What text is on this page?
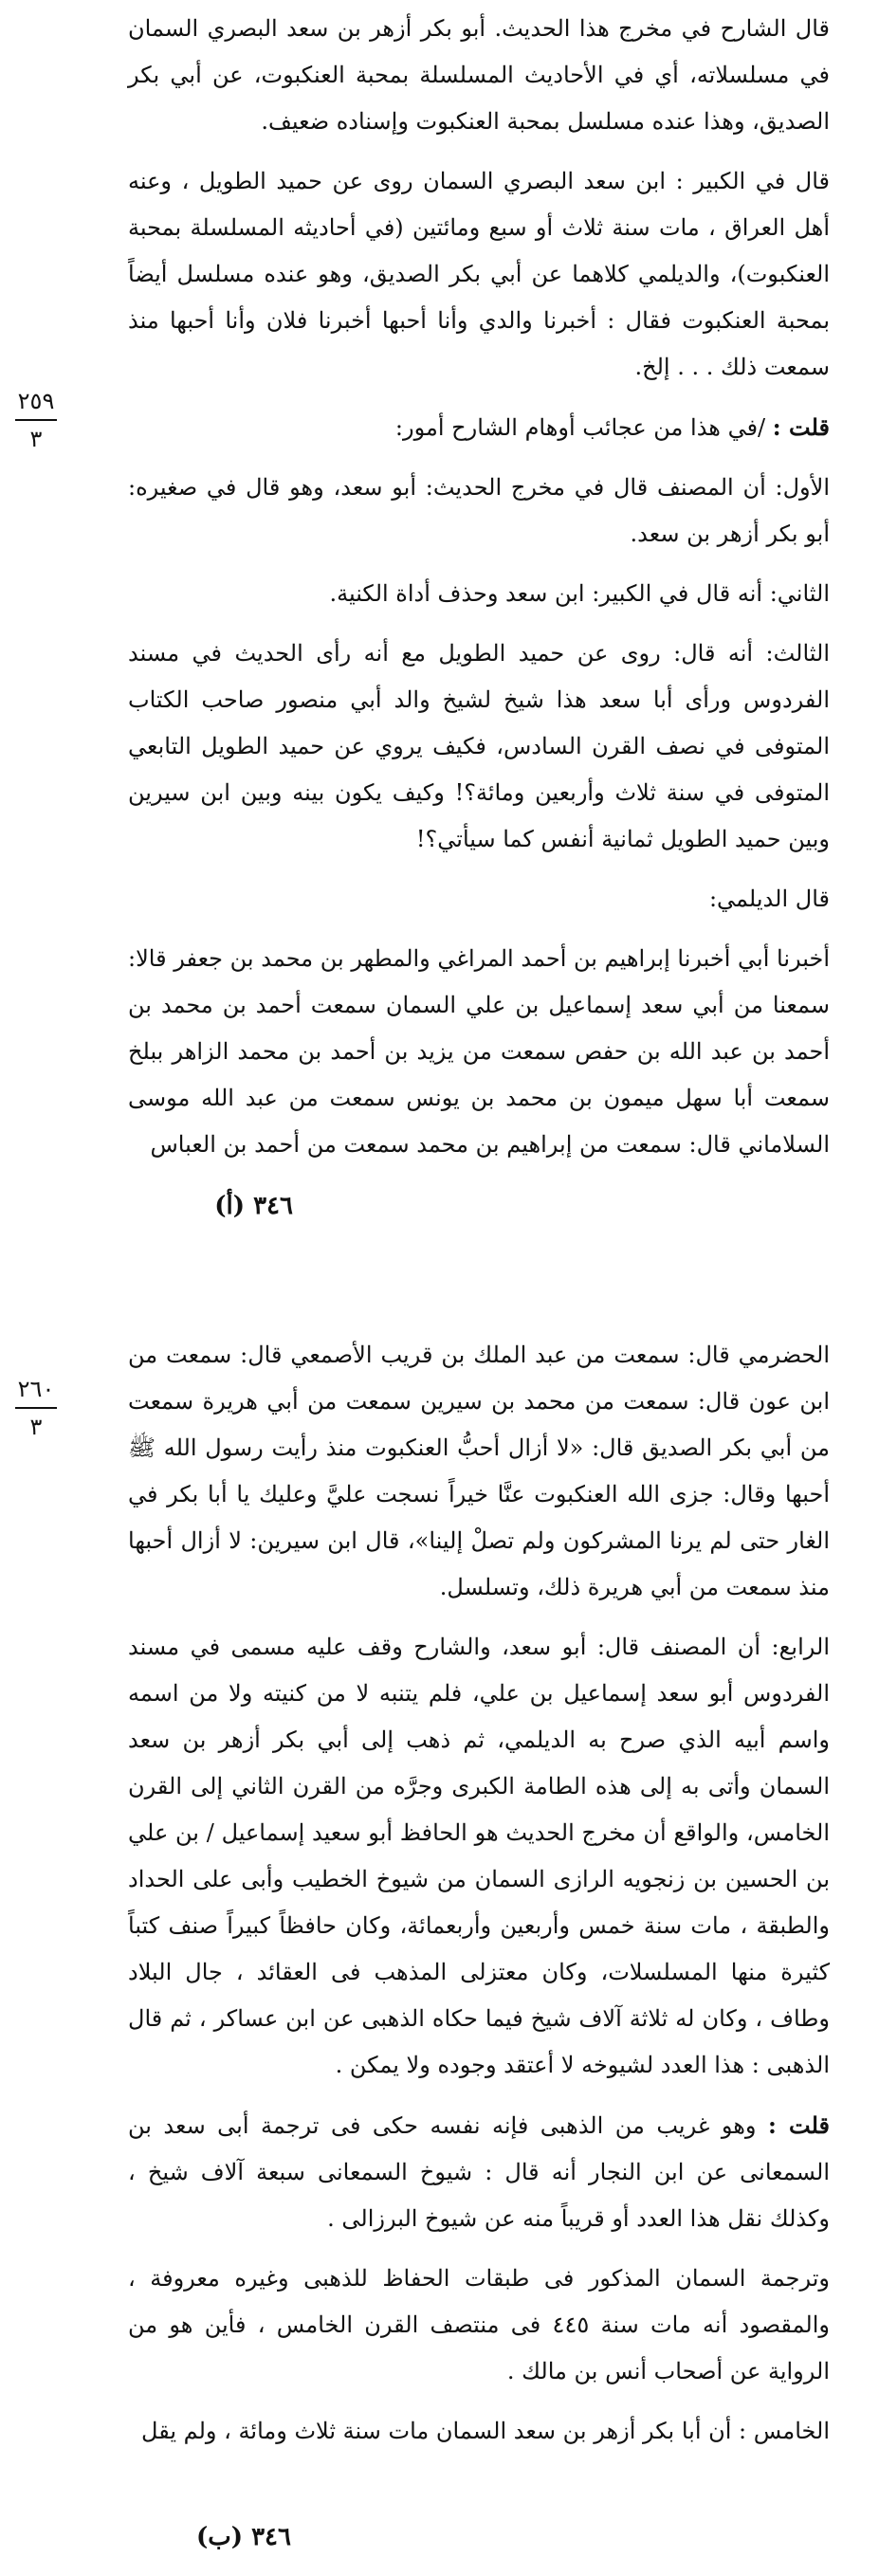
قال الشارح في مخرج هذا الحديث. أبو بكر أزهر بن سعد البصري السمان في مسلسلاته، أي في الأحاديث المسلسلة بمحبة العنكبوت، عن أبي بكر الصديق، وهذا عنده مسلسل بمحبة العنكبوت وإسناده ضعيف.

قال في الكبير : ابن سعد البصري السمان روى عن حميد الطويل ، وعنه أهل العراق ، مات سنة ثلاث أو سبع ومائتين (في أحاديثه المسلسلة بمحبة العنكبوت)، والديلمي كلاهما عن أبي بكر الصديق، وهو عنده مسلسل أيضاً بمحبة العنكبوت فقال : أخبرنا والدي وأنا أحبها أخبرنا فلان وأنا أحبها منذ سمعت ذلك . . . إلخ.

قلت : /في هذا من عجائب أوهام الشارح أمور:

الأول: أن المصنف قال في مخرج الحديث: أبو سعد، وهو قال في صغيره: أبو بكر أزهر بن سعد.

الثاني: أنه قال في الكبير: ابن سعد وحذف أداة الكنية.

الثالث: أنه قال: روى عن حميد الطويل مع أنه رأى الحديث في مسند الفردوس ورأى أبا سعد هذا شيخ لشيخ والد أبي منصور صاحب الكتاب المتوفى في نصف القرن السادس، فكيف يروي عن حميد الطويل التابعي المتوفى في سنة ثلاث وأربعين ومائة؟! وكيف يكون بينه وبين ابن سيرين وبين حميد الطويل ثمانية أنفس كما سيأتي؟!

قال الديلمي:

أخبرنا أبي أخبرنا إبراهيم بن أحمد المراغي والمطهر بن محمد بن جعفر قالا: سمعنا من أبي سعد إسماعيل بن علي السمان سمعت أحمد بن محمد بن أحمد بن عبد الله بن حفص سمعت من يزيد بن أحمد بن محمد الزاهر ببلخ سمعت أبا سهل ميمون بن محمد بن يونس سمعت من عبد الله موسى السلاماني قال: سمعت من إبراهيم بن محمد سمعت من أحمد بن العباس

٢٥٩
٣
٣٤٦ (أ)

الحضرمي قال: سمعت من عبد الملك بن قريب الأصمعي قال: سمعت من ابن عون قال: سمعت من محمد بن سيرين سمعت من أبي هريرة سمعت من أبي بكر الصديق قال: «لا أزال أحبُّ العنكبوت منذ رأيت رسول الله ﷺ أحبها وقال: جزى الله العنكبوت عنَّا خيراً نسجت عليَّ وعليك يا أبا بكر في الغار حتى لم يرنا المشركون ولم تصلْ إلينا»، قال ابن سيرين: لا أزال أحبها منذ سمعت من أبي هريرة ذلك، وتسلسل.

الرابع: أن المصنف قال: أبو سعد، والشارح وقف عليه مسمى في مسند الفردوس أبو سعد إسماعيل بن علي، فلم يتنبه لا من كنيته ولا من اسمه واسم أبيه الذي صرح به الديلمي، ثم ذهب إلى أبي بكر أزهر بن سعد السمان وأتى به إلى هذه الطامة الكبرى وجرَّه من القرن الثاني إلى القرن الخامس، والواقع أن مخرج الحديث هو الحافظ أبو سعيد إسماعيل / بن علي بن الحسين بن زنجويه الرازى السمان من شيوخ الخطيب وأبى على الحداد والطبقة ، مات سنة خمس وأربعين وأربعمائة، وكان حافظاً كبيراً صنف كتباً كثيرة منها المسلسلات، وكان معتزلى المذهب فى العقائد ، جال البلاد وطاف ، وكان له ثلاثة آلاف شيخ فيما حكاه الذهبى عن ابن عساكر ، ثم قال الذهبى : هذا العدد لشيوخه لا أعتقد وجوده ولا يمكن .

قلت : وهو غريب من الذهبى فإنه نفسه حكى فى ترجمة أبى سعد بن السمعانى عن ابن النجار أنه قال : شيوخ السمعانى سبعة آلاف شيخ ، وكذلك نقل هذا العدد أو قريباً منه عن شيوخ البرزالى .

وترجمة السمان المذكور فى طبقات الحفاظ للذهبى وغيره معروفة ، والمقصود أنه مات سنة ٤٤٥ فى منتصف القرن الخامس ، فأين هو من الرواية عن أصحاب أنس بن مالك .

الخامس : أن أبا بكر أزهر بن سعد السمان مات سنة ثلاث ومائة ، ولم يقل

٢٦٠
٣
٣٤٦ (ب)
